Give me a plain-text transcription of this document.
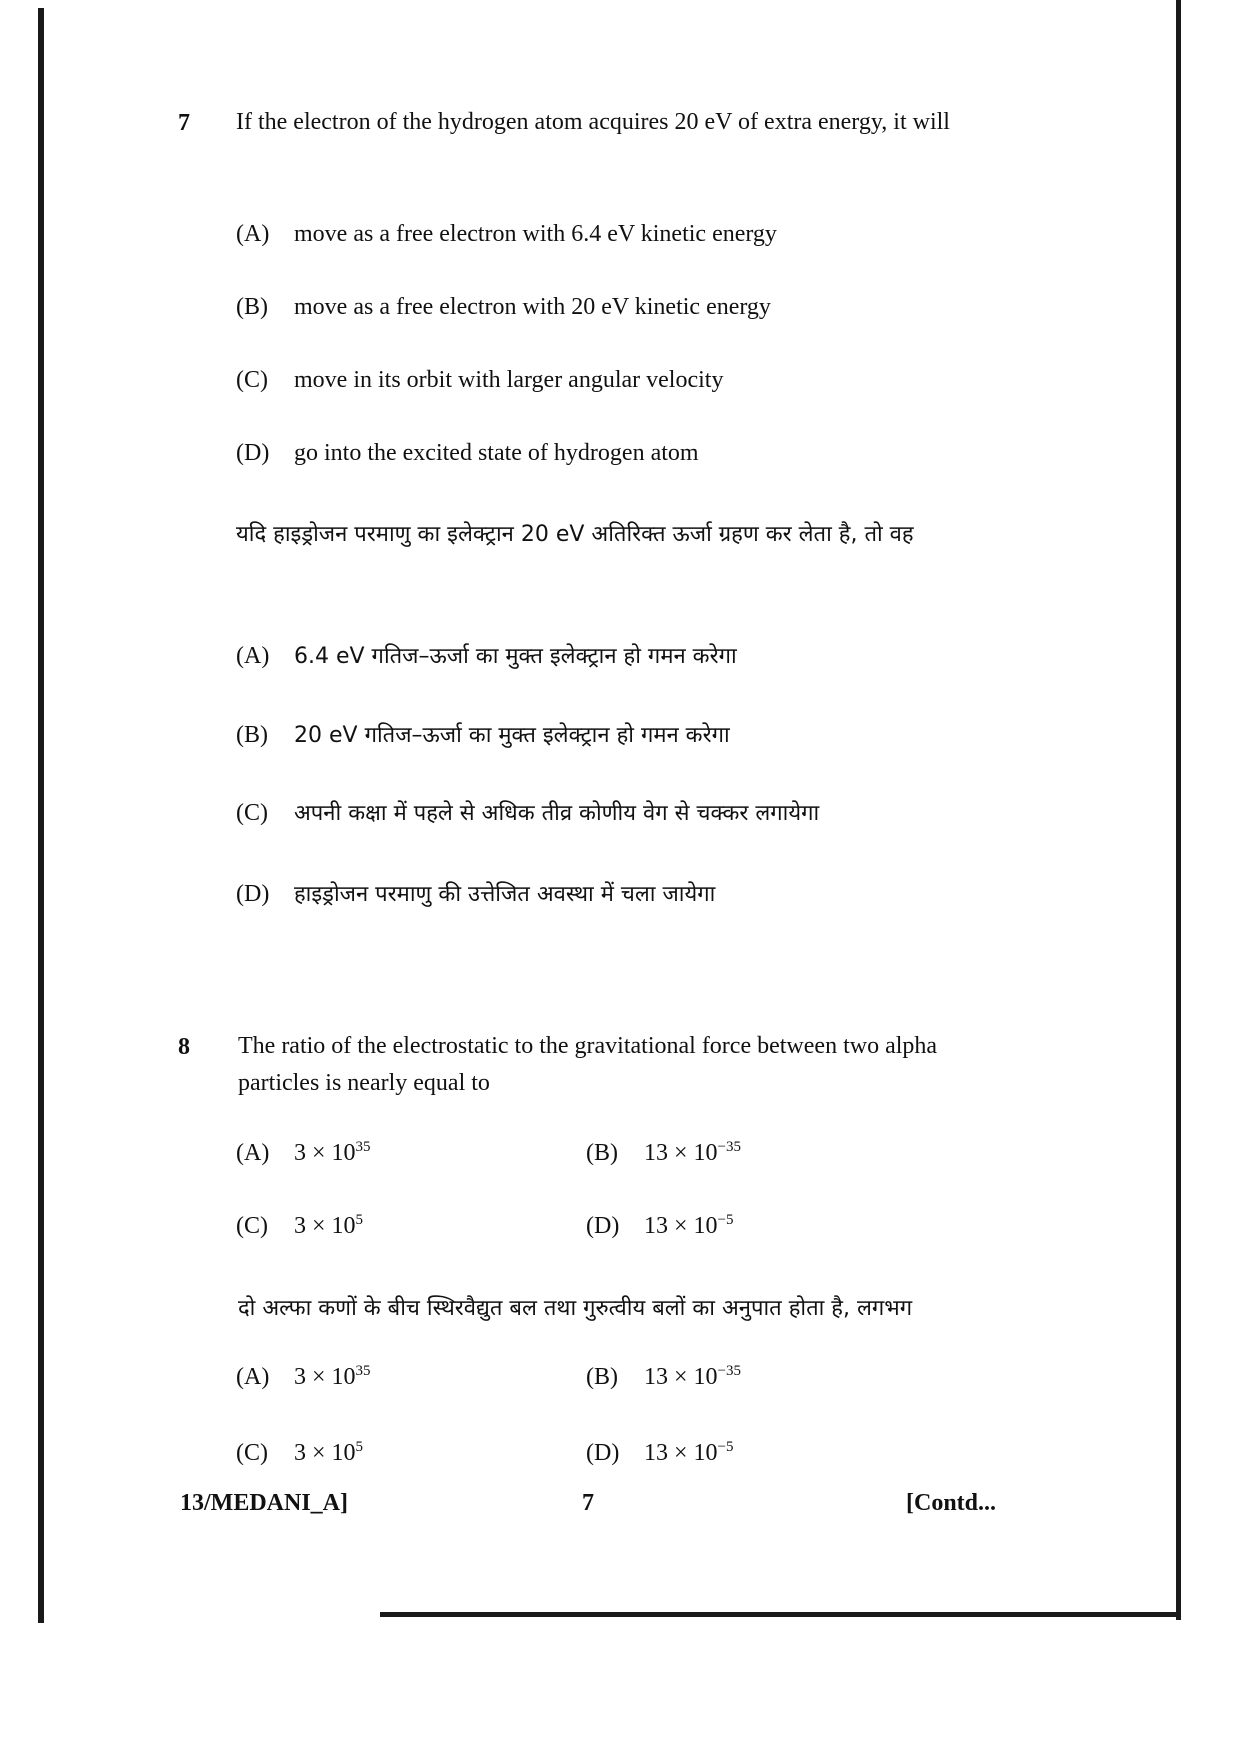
7 If the electron of the hydrogen atom acquires 20 eV of extra energy, it will
(A) move as a free electron with 6.4 eV kinetic energy
(B) move as a free electron with 20 eV kinetic energy
(C) move in its orbit with larger angular velocity
(D) go into the excited state of hydrogen atom
यदि हाइड्रोजन परमाणु का इलेक्ट्रान 20 eV अतिरिक्त ऊर्जा ग्रहण कर लेता है, तो वह
(A) 6.4 eV गतिज–ऊर्जा का मुक्त इलेक्ट्रान हो गमन करेगा
(B) 20 eV गतिज–ऊर्जा का मुक्त इलेक्ट्रान हो गमन करेगा
(C) अपनी कक्षा में पहले से अधिक तीव्र कोणीय वेग से चक्कर लगायेगा
(D) हाइड्रोजन परमाणु की उत्तेजित अवस्था में चला जायेगा
8 The ratio of the electrostatic to the gravitational force between two alpha particles is nearly equal to
(A) $3 \times 10^{35}$	(B) $13 \times 10^{-35}$
(C) $3 \times 10^5$	(D) $13 \times 10^{-5}$
दो अल्फा कणों के बीच स्थिरवैद्युत बल तथा गुरुत्वीय बलों का अनुपात होता है, लगभग
(A) $3 \times 10^{35}$	(B) $13 \times 10^{-35}$
(C) $3 \times 10^5$	(D) $13 \times 10^{-5}$
13/MEDANI_A]	7	[Contd...
